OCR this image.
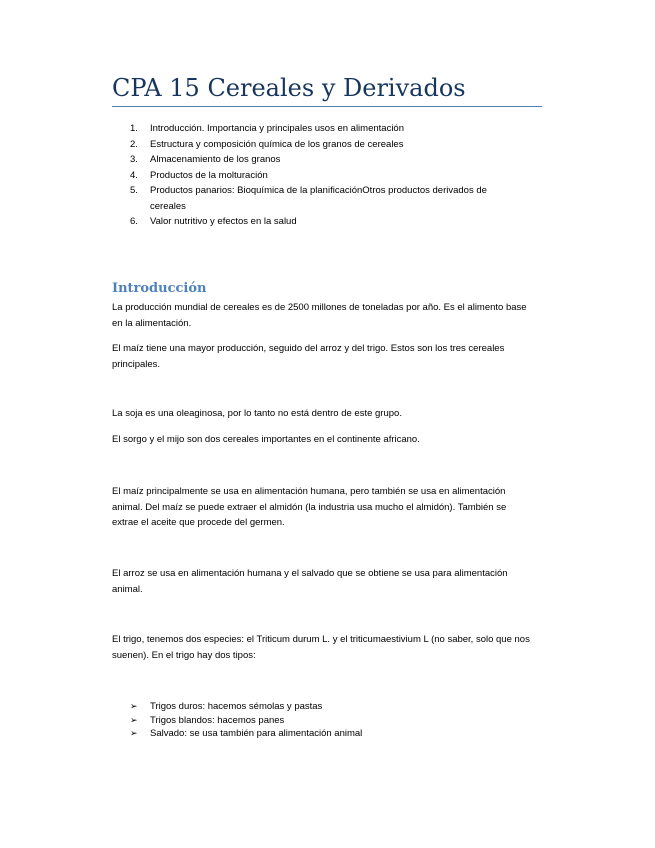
CPA 15 Cereales y Derivados
1. Introducción. Importancia y principales usos en alimentación
2. Estructura y composición química de los granos de cereales
3. Almacenamiento de los granos
4. Productos de la molturación
5. Productos panarios: Bioquímica de la planificaciónOtros productos derivados de cereales
6. Valor nutritivo y efectos en la salud
Introducción

La producción mundial de cereales es de 2500 millones de toneladas por año. Es el alimento base en la alimentación.

El maíz tiene una mayor producción, seguido del arroz y del trigo. Estos son los tres cereales principales.

La soja es una oleaginosa, por lo tanto no está dentro de este grupo.

El sorgo y el mijo son dos cereales importantes en el continente africano.

El maíz principalmente se usa en alimentación humana, pero también se usa en alimentación animal. Del maíz se puede extraer el almidón (la industria usa mucho el almidón). También se extrae el aceite que procede del germen.

El arroz se usa en alimentación humana y el salvado que se obtiene se usa para alimentación animal.

El trigo, tenemos dos especies: el Triticum durum L. y el triticumaestivium L (no saber, solo que nos suenen). En el trigo hay dos tipos:

➢ Trigos duros: hacemos sémolas y pastas
➢ Trigos blandos: hacemos panes
➢ Salvado: se usa también para alimentación animal
